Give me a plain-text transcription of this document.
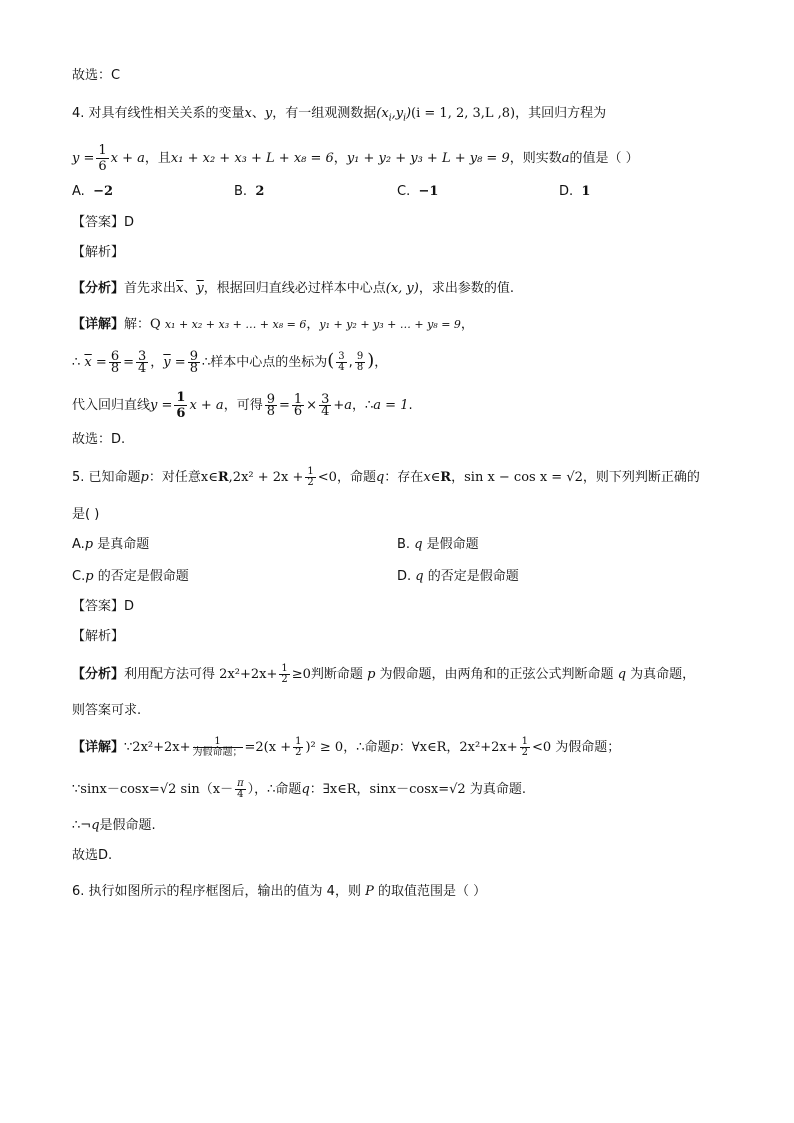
故选：C
4. 对具有线性相关关系的变量x、y，有一组观测数据$(x_i,y_i)(i = 1$, 2, 3,L ,8)，其回归方程为
$y = \frac{1}{6}$ x + a，且x₁ + x₂ + x₃ + L + x₈ = 6，y₁ + y₂ + y₃ + L + y₈ = 9，则实数a的值是（ ）
A. −2	B. 2	C. −1	D. 1
【答案】D
【解析】
【分析】首先求出$\overline{x}$、$\overline{y}$，根据回归直线必过样本中心点(x, y)，求出参数的值.
【详解】解：Q x₁ + x₂ + x₃ + … + x₈ = 6，y₁ + y₂ + y₃ + … + y₈ = 9，
∴ $\overline{x} = \frac{6}{8} = \frac{3}{4}$ ，$\overline{y} = \frac{9}{8}$ ∴样本中心点的坐标为( $\frac{3}{4}$ , $\frac{9}{8}$ )，
代入回归直线$y = \frac{1}{6}$ x + a，可得 $\frac{9}{8} = \frac{1}{6} \times \frac{3}{4} +a$，∴a = 1.
故选：D.
5. 已知命题p：对任意x∈R,2x² + $2x + \frac{1}{2} <0$，命题q：存在x∈R，sin x − cos x = √2，则下列判断正确的
是( )
A.p 是真命题	B. q 是假命题
C.p 的否定是假命题	D. q 的否定是假命题
【答案】D
【解析】
【分析】利用配方法可得 $2x^2+2x+ \frac{1}{2} \ge 0$判断命题 p 为假命题，由两角和的正弦公式判断命题 q 为真命题，
则答案可求.
【详解】∵2x²+2x+ $\frac{1}{\text{为假命题；}} =2(x + \frac{1}{2} )^2 \ge 0$，∴命题p：∀x∈R，$2x^2+2x+ \frac{1}{2} <0$ 为假命题；
∵sinx－cosx=√2 $\sin(x- \frac{\pi}{4}$ ），∴命题q：∃x∈R，sinx－cosx=√2 为真命题.
∴¬q是假命题.
故选D.
6. 执行如图所示的程序框图后，输出的值为 4，则 P 的取值范围是（ ）
